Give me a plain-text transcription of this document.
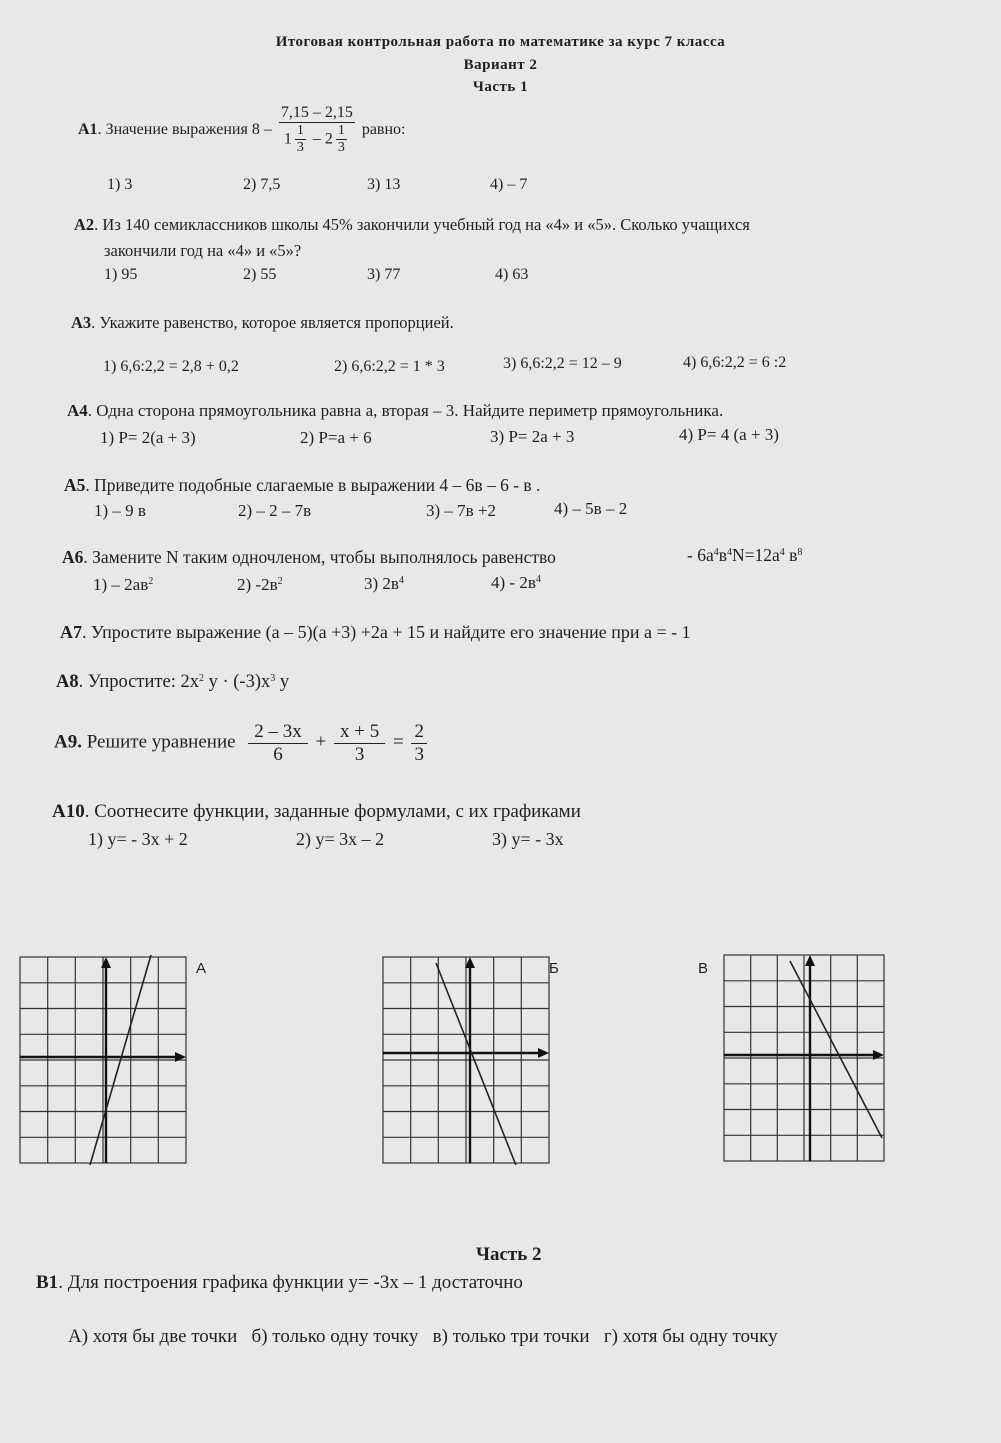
Итоговая контрольная работа по математике за курс 7 класса
Вариант 2
Часть 1
А1. Значение выражения $8 - \frac{7,15 - 2,15}{1 \frac{1}{3} - 2 \frac{1}{3}}$ равно:
1) 3	2) 7,5	3) 13	4) – 7
А2. Из 140 семиклассников школы 45% закончили учебный год на «4» и «5». Сколько учащихся
закончили год на «4» и «5»?
1) 95	2) 55	3) 77	4) 63
А3. Укажите равенство, которое является пропорцией.
1) 6,6:2,2 = 2,8 + 0,2	2) 6,6:2,2 = 1 * 3	3) 6,6:2,2 = 12 – 9	4) 6,6:2,2 = 6 :2
А4. Одна сторона прямоугольника равна а, вторая – 3. Найдите периметр прямоугольника.
1) Р= 2(а + 3)	2) Р=а + 6	3) Р= 2а + 3	4) Р= 4 (а + 3)
А5. Приведите подобные слагаемые в выражении 4 – 6в – 6 - в .
1) – 9 в	2) – 2 – 7в	3) – 7в +2	4) – 5в – 2
А6. Замените N таким одночленом, чтобы выполнялось равенство	- $6а^4в^4N=12а^4$ $в^8$
$1) - 2ав^2$	2) $-2в^2$	3) $2в^4$	$4) - 2в^4$
А7. Упростите выражение (а – 5)(а +3) +2а + 15 и найдите его значение при а = - 1
А8. Упростите: $2х^2$ $у \cdot (-3)х^3$ у
А9. Решите уравнение $\frac{2 - 3x}{6} + \frac{x + 5}{3} = \frac{2}{3}$
А10. Соотнесите функции, заданные формулами, с их графиками
1) у= - 3х + 2	2) у= 3х – 2	3) у= - 3х
А	Б	В
Часть 2
В1. Для построения графика функции у= -3х – 1 достаточно
А) хотя бы две точки   б) только одну точку   в) только три точки   г) хотя бы одну точку
